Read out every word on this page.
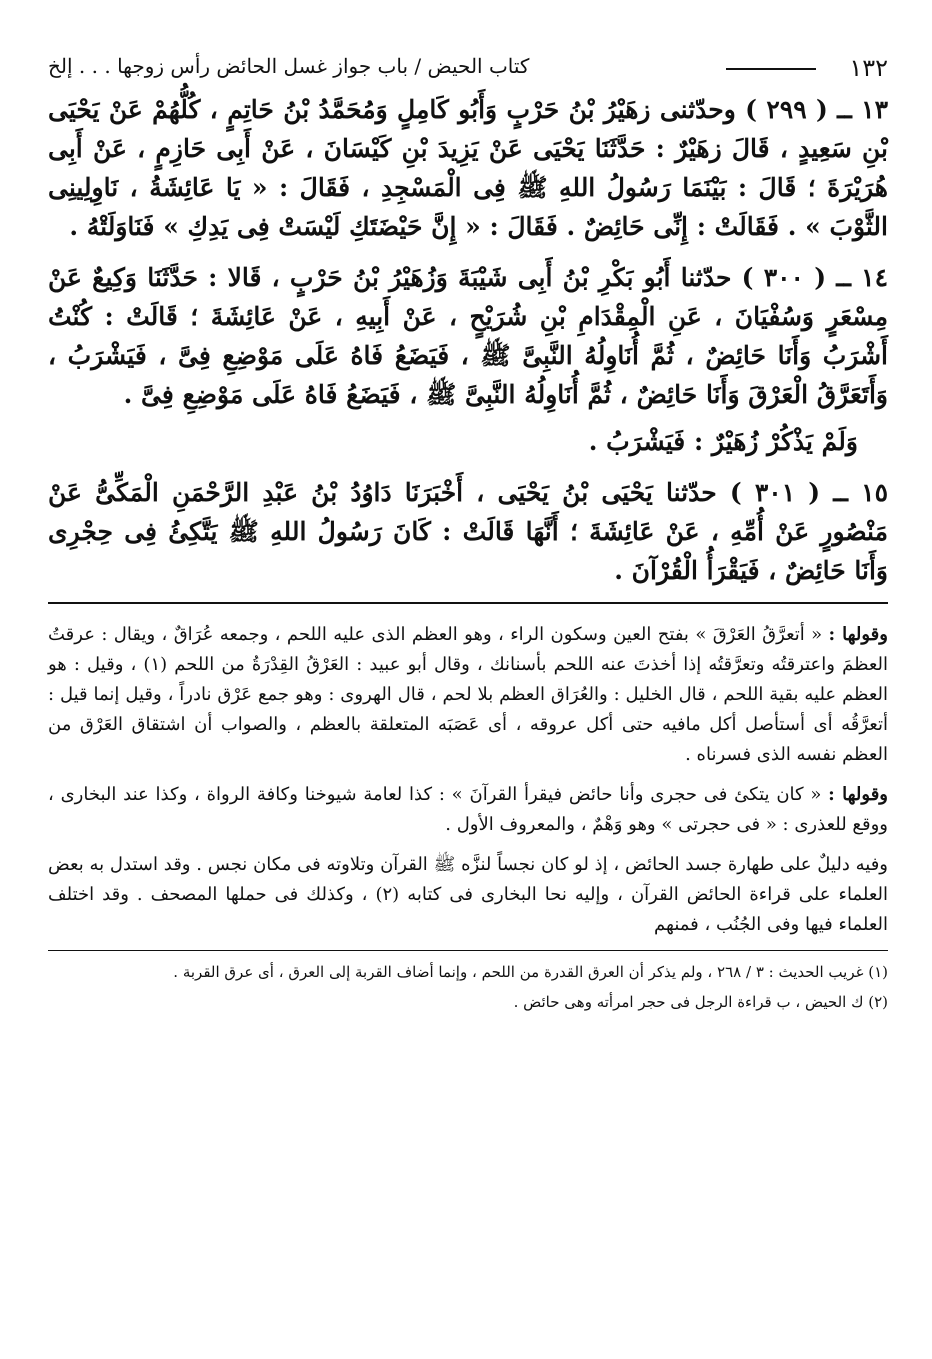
١٣٢
كتاب الحيض / باب جواز غسل الحائض رأس زوجها . . . إلخ

١٣ ــ ( ٢٩٩ ) وحدّثنى زهَيْرُ بْنُ حَرْبٍ وَأَبُو كَامِلٍ وَمُحَمَّدُ بْنُ حَاتِمٍ ، كُلُّهُمْ عَنْ يَحْيَى بْنِ سَعِيدٍ ، قَالَ زهَيْرٌ : حَدَّثَنَا يَحْيَى عَنْ يَزِيدَ بْنِ كَيْسَانَ ، عَنْ أَبِى حَازِمٍ ، عَنْ أَبِى هُرَيْرَةَ ؛ قَالَ : بَيْنَمَا رَسُولُ اللهِ ﷺ فِى الْمَسْجِدِ ، فَقَالَ : « يَا عَائِشَةُ ، نَاوِلِينِى الثَّوْبَ » . فَقَالَتْ : إِنِّى حَائِضٌ . فَقَالَ : « إِنَّ حَيْضَتَكِ لَيْسَتْ فِى يَدِكِ » فَنَاوَلَتْهُ .

١٤ ــ ( ٣٠٠ ) حدّثنا أَبُو بَكْرِ بْنُ أَبِى شَيْبَةَ وَزُهَيْرُ بْنُ حَرْبٍ ، قَالا : حَدَّثَنَا وَكِيعٌ عَنْ مِسْعَرٍ وَسُفْيَانَ ، عَنِ الْمِقْدَامِ بْنِ شُرَيْحٍ ، عَنْ أَبِيهِ ، عَنْ عَائِشَةَ ؛ قَالَتْ : كُنْتُ أَشْرَبُ وَأَنَا حَائِضٌ ، ثُمَّ أُنَاوِلُهُ النَّبِىَّ ﷺ ، فَيَضَعُ فَاهُ عَلَى مَوْضِعِ فِىَّ ، فَيَشْرَبُ ، وَأَتَعَرَّقُ الْعَرْقَ وَأَنَا حَائِضٌ ، ثُمَّ أُنَاوِلُهُ النَّبِىَّ ﷺ ، فَيَضَعُ فَاهُ عَلَى مَوْضِعِ فِىَّ .

وَلَمْ يَذْكُرْ زُهَيْرٌ : فَيَشْرَبُ .

١٥ ــ ( ٣٠١ ) حدّثنا يَحْيَى بْنُ يَحْيَى ، أَخْبَرَنَا دَاوُدُ بْنُ عَبْدِ الرَّحْمَنِ الْمَكِّىُّ عَنْ مَنْصُورٍ عَنْ أُمِّهِ ، عَنْ عَائِشَةَ ؛ أَنَّهَا قَالَتْ : كَانَ رَسُولُ اللهِ ﷺ يَتَّكِئُ فِى حِجْرِى وَأَنَا حَائِضٌ ، فَيَقْرَأُ الْقُرْآنَ .

وقولها : « أتعرَّقُ العَرْقَ » بفتح العين وسكون الراء ، وهو العظم الذى عليه اللحم ، وجمعه عُرَاقٌ ، ويقال : عرقتُ العظمَ واعترقتُه وتعرَّقتُه إذا أخذتَ عنه اللحم بأسنانك ، وقال أبو عبيد : العَرْقُ القِدْرَةُ من اللحم (١) ، وقيل : هو العظم عليه بقية اللحم ، قال الخليل : والعُرَاق العظم بلا لحم ، قال الهروى : وهو جمع عَرْق نادراً ، وقيل إنما قيل : أتعرَّقُه أى أستأصل أكل مافيه حتى أكل عروقه ، أى عَصَبَه المتعلقة بالعظم ، والصواب أن اشتقاق العَرْق من العظم نفسه الذى فسرناه .

وقولها : « كان يتكئ فى حجرى وأنا حائض فيقرأ القرآنَ » : كذا لعامة شيوخنا وكافة الرواة ، وكذا عند البخارى ، ووقع للعذرى : « فى حجرتى » وهو وَهْمٌ ، والمعروف الأول .

وفيه دليلٌ على طهارة جسد الحائض ، إذ لو كان نجساً لنزَّه ﷺ القرآن وتلاوته فى مكان نجس . وقد استدل به بعض العلماء على قراءة الحائض القرآن ، وإليه نحا البخارى فى كتابه (٢) ، وكذلك فى حملها المصحف . وقد اختلف العلماء فيها وفى الجُنُب ، فمنهم

(١) غريب الحديث : ٣ / ٢٦٨ ، ولم يذكر أن العرق القدرة من اللحم ، وإنما أضاف القربة إلى العرق ، أى عرق القربة .

(٢) ك الحيض ، ب قراءة الرجل فى حجر امرأته وهى حائض .
